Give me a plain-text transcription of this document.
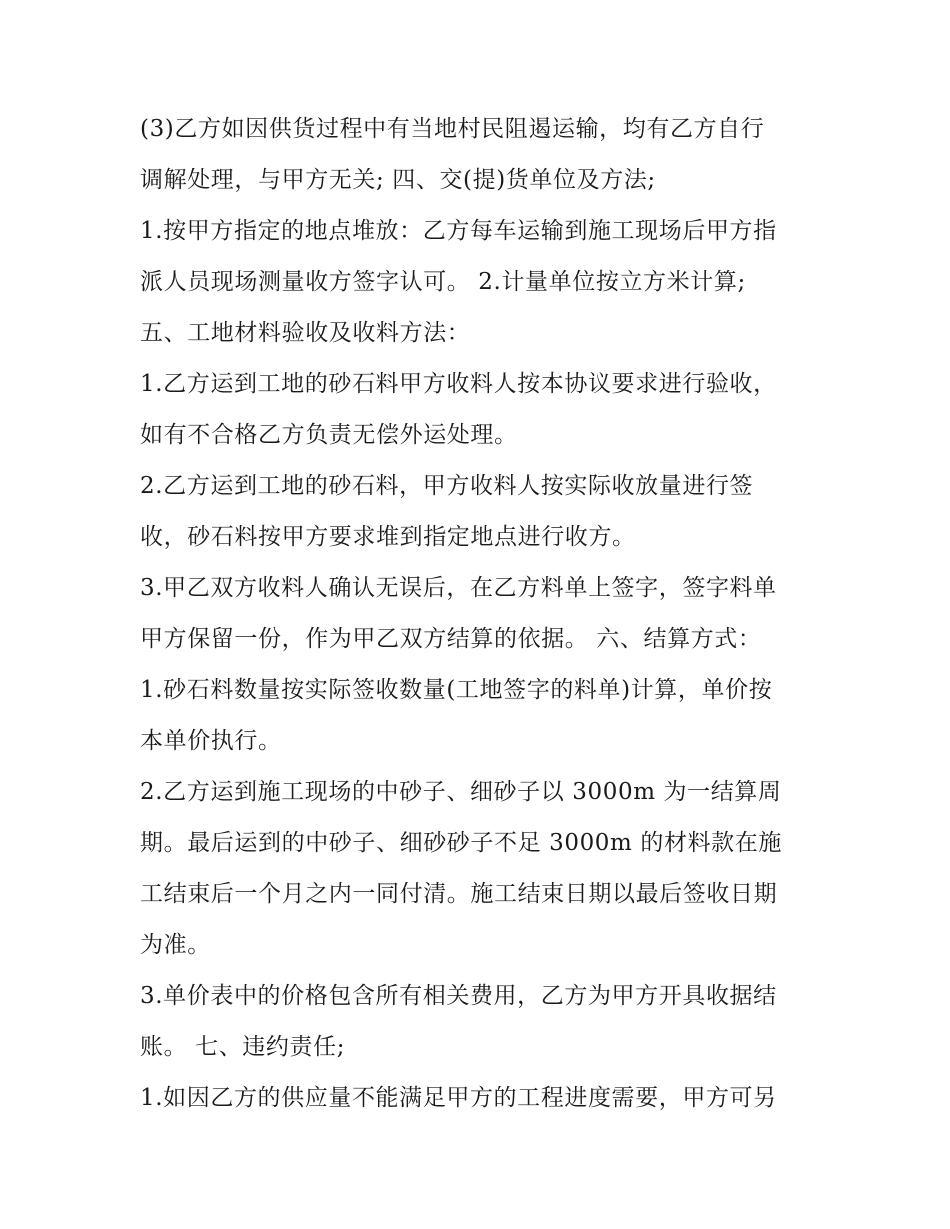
(3)乙方如因供货过程中有当地村民阻遏运输，均有乙方自行
调解处理，与甲方无关; 四、交(提)货单位及方法;
1.按甲方指定的地点堆放：乙方每车运输到施工现场后甲方指
派人员现场测量收方签字认可。 2.计量单位按立方米计算;
五、工地材料验收及收料方法：
1.乙方运到工地的砂石料甲方收料人按本协议要求进行验收，
如有不合格乙方负责无偿外运处理。
2.乙方运到工地的砂石料，甲方收料人按实际收放量进行签
收，砂石料按甲方要求堆到指定地点进行收方。
3.甲乙双方收料人确认无误后，在乙方料单上签字，签字料单
甲方保留一份，作为甲乙双方结算的依据。 六、结算方式：
1.砂石料数量按实际签收数量(工地签字的料单)计算，单价按
本单价执行。
2.乙方运到施工现场的中砂子、细砂子以 3000m 为一结算周
期。最后运到的中砂子、细砂砂子不足 3000m 的材料款在施
工结束后一个月之内一同付清。施工结束日期以最后签收日期
为准。
3.单价表中的价格包含所有相关费用，乙方为甲方开具收据结
账。 七、违约责任;
1.如因乙方的供应量不能满足甲方的工程进度需要，甲方可另
